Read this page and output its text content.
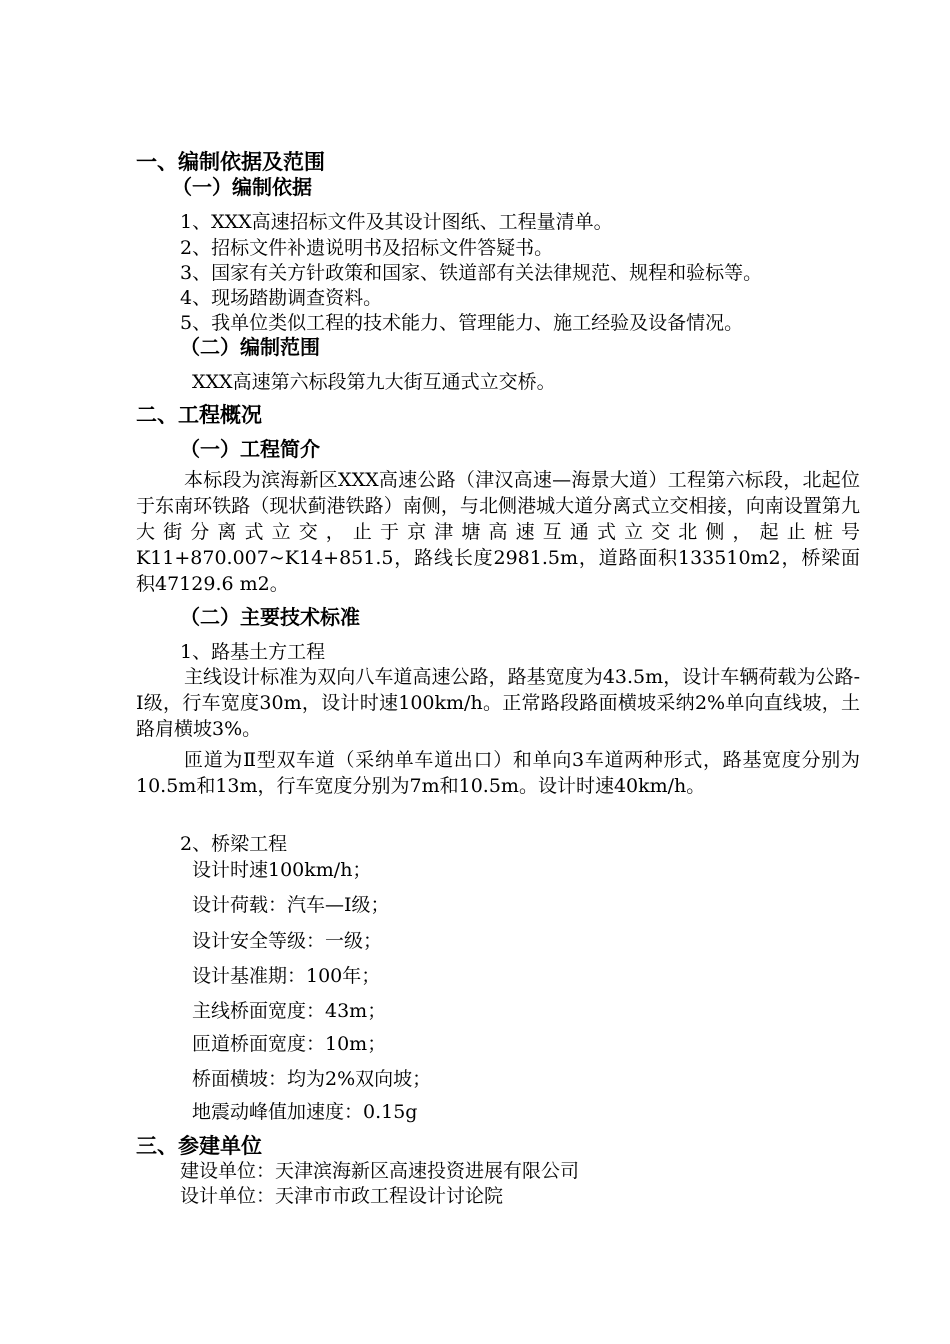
一、编制依据及范围
（一）编制依据
1、XXX高速招标文件及其设计图纸、工程量清单。
2、招标文件补遗说明书及招标文件答疑书。
3、国家有关方针政策和国家、铁道部有关法律规范、规程和验标等。
4、现场踏勘调查资料。
5、我单位类似工程的技术能力、管理能力、施工经验及设备情况。
（二）编制范围
XXX高速第六标段第九大街互通式立交桥。
二、工程概况
（一）工程简介
本标段为滨海新区XXX高速公路（津汉高速—海景大道）工程第六标段，北起位于东南环铁路（现状蓟港铁路）南侧，与北侧港城大道分离式立交相接，向南设置第九大街分离式立交，止于京津塘高速互通式立交北侧，起止桩号K11+870.007~K14+851.5，路线长度2981.5m，道路面积133510m2，桥梁面积47129.6 m2。
（二）主要技术标准
1、路基土方工程
主线设计标准为双向八车道高速公路，路基宽度为43.5m，设计车辆荷载为公路-Ⅰ级，行车宽度30m，设计时速100km/h。正常路段路面横坡采纳2%单向直线坡，土路肩横坡3%。
匝道为Ⅱ型双车道（采纳单车道出口）和单向3车道两种形式，路基宽度分别为10.5m和13m，行车宽度分别为7m和10.5m。设计时速40km/h。
2、桥梁工程
设计时速100km/h；
设计荷载：汽车—Ⅰ级；
设计安全等级：一级；
设计基准期：100年；
主线桥面宽度：43m；
匝道桥面宽度：10m；
桥面横坡：均为2%双向坡；
地震动峰值加速度：0.15g
三、参建单位
建设单位：天津滨海新区高速投资进展有限公司
设计单位：天津市市政工程设计讨论院
